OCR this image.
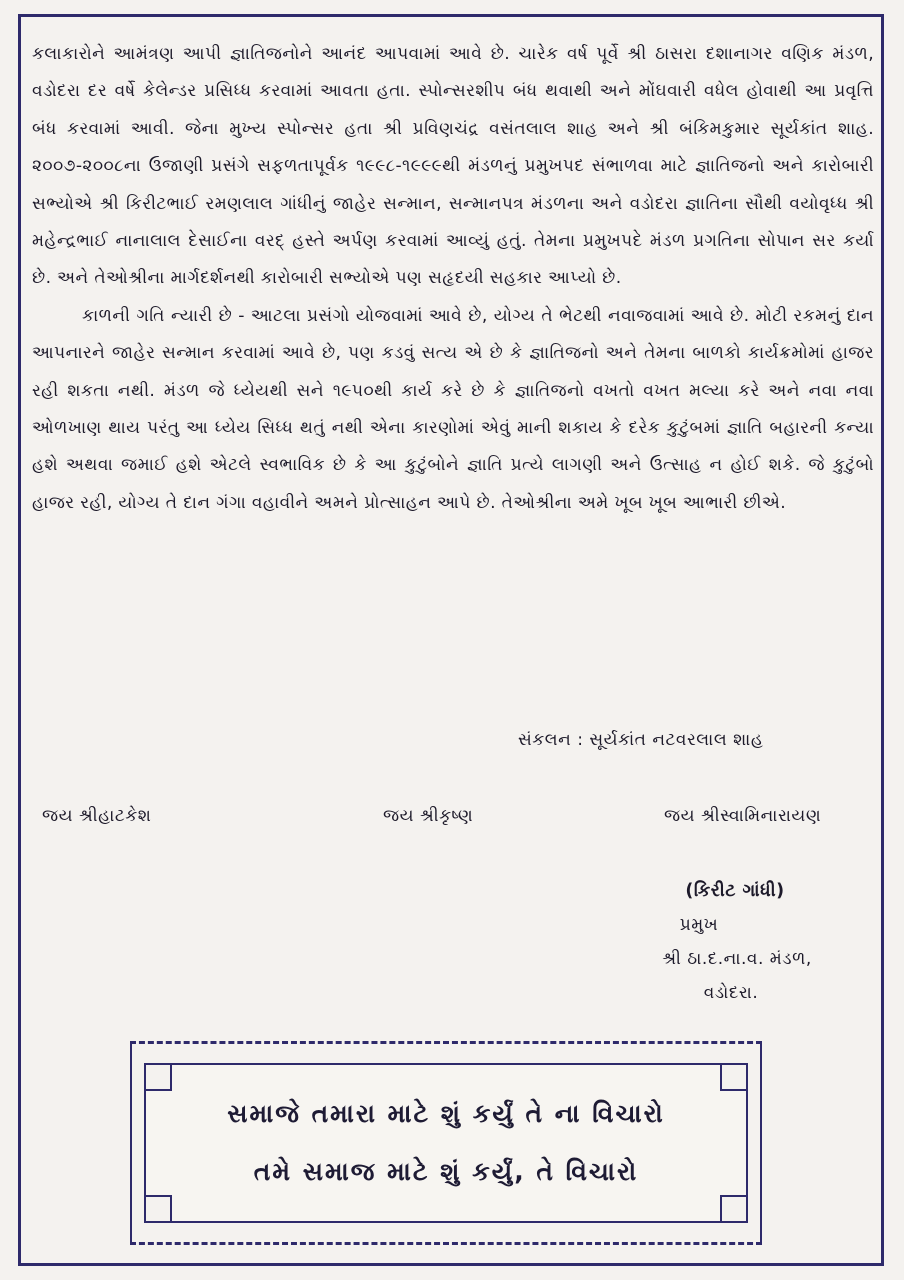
કલાકારોને આમંત્રણ આપી જ્ઞાતિજનોને આનંદ આપવામાં આવે છે. ચારેક વર્ષ પૂર્વે શ્રી ઠાસરા દશાનાગર વણિક મંડળ, વડોદરા દર વર્ષે કેલેન્ડર પ્રસિધ્ધ કરવામાં આવતા હતા. સ્પોન્સરશીપ બંધ થવાથી અને મોંઘવારી વધેલ હોવાથી આ પ્રવૃત્તિ બંધ કરવામાં આવી. જેના મુખ્ય સ્પોન્સર હતા શ્રી પ્રવિણચંદ્ર વસંતલાલ શાહ અને શ્રી બંકિમકુમાર સૂર્યકાંત શાહ. ૨૦૦૭-૨૦૦૮ના ઉજાણી પ્રસંગે સફળતાપૂર્વક ૧૯૯૮-૧૯૯૯થી મંડળનું પ્રમુખપદ સંભાળવા માટે જ્ઞાતિજનો અને કારોબારી સભ્યોએ શ્રી કિરીટભાઈ રમણલાલ ગાંધીનું જાહેર સન્માન, સન્માનપત્ર મંડળના અને વડોદરા જ્ઞાતિના સૌથી વયોવૃધ્ધ શ્રી મહેન્દ્રભાઈ નાનાલાલ દેસાઈના વરદ્ હસ્તે અર્પણ કરવામાં આવ્યું હતું. તેમના પ્રમુખપદે મંડળ પ્રગતિના સોપાન સર કર્યા છે. અને તેઓશ્રીના માર્ગદર્શનથી કારોબારી સભ્યોએ પણ સહૃદયી સહકાર આપ્યો છે.

કાળની ગતિ ન્યારી છે - આટલા પ્રસંગો યોજવામાં આવે છે, યોગ્ય તે ભેટથી નવાજવામાં આવે છે. મોટી રકમનું દાન આપનારને જાહેર સન્માન કરવામાં આવે છે, પણ કડવું સત્ય એ છે કે જ્ઞાતિજનો અને તેમના બાળકો કાર્યક્રમોમાં હાજર રહી શકતા નથી. મંડળ જે ધ્યેયથી સને ૧૯૫૦થી કાર્ય કરે છે કે જ્ઞાતિજનો વખતો વખત મલ્યા કરે અને નવા નવા ઓળખાણ થાય પરંતુ આ ધ્યેય સિધ્ધ થતું નથી એના કારણોમાં એવું માની શકાય કે દરેક કુટુંબમાં જ્ઞાતિ બહારની કન્યા હશે અથવા જમાઈ હશે એટલે સ્વભાવિક છે કે આ કુટુંબોને જ્ઞાતિ પ્રત્યે લાગણી અને ઉત્સાહ ન હોઈ શકે. જે કુટુંબો હાજર રહી, યોગ્ય તે દાન ગંગા વહાવીને અમને પ્રોત્સાહન આપે છે. તેઓશ્રીના અમે ખૂબ ખૂબ આભારી છીએ.

સંકલન : સૂર્યકાંત નટવરલાલ શાહ
જય શ્રીહાટકેશ	જય શ્રીકૃષ્ણ	જય શ્રીસ્વામિનારાયણ
(કિરીટ ગાંધી)
પ્રમુખ
શ્રી ઠા.દ.ના.વ. મંડળ,
વડોદરા.
સમાજે તમારા માટે શું કર્યું તે ના વિચારો
તમે સમાજ માટે શું કર્યું, તે વિચારો
